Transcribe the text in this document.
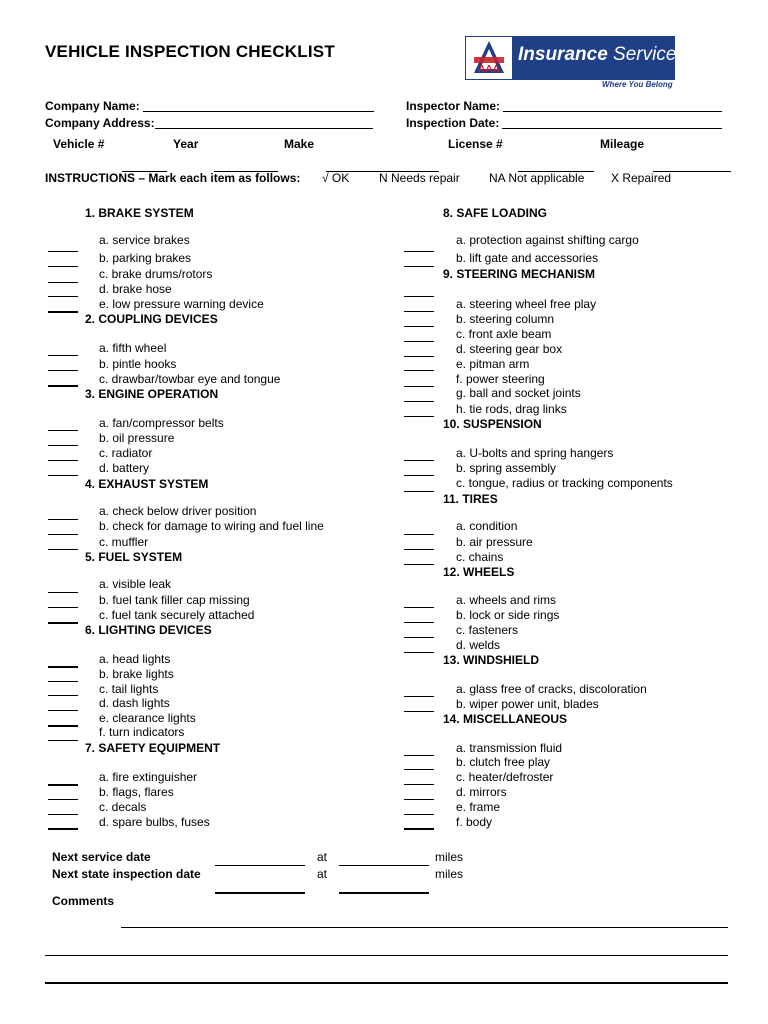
VEHICLE INSPECTION CHECKLIST
AAA
Insurance Services
Where You Belong
Company Name:
Company Address:
Inspector Name:
Inspection Date:
Vehicle #	Year	Make	License #	Mileage
INSTRUCTIONS – Mark each item as follows: √ OK N Needs repair NA Not applicable X Repaired
1. BRAKE SYSTEM
a. service brakes
b. parking brakes
c. brake drums/rotors
d. brake hose
e. low pressure warning device
2. COUPLING DEVICES
a. fifth wheel
b. pintle hooks
c. drawbar/towbar eye and tongue
3. ENGINE OPERATION
a. fan/compressor belts
b. oil pressure
c. radiator
d. battery
4. EXHAUST SYSTEM
a. check below driver position
b. check for damage to wiring and fuel line
c. muffler
5. FUEL SYSTEM
a. visible leak
b. fuel tank filler cap missing
c. fuel tank securely attached
6. LIGHTING DEVICES
a. head lights
b. brake lights
c. tail lights
d. dash lights
e. clearance lights
f. turn indicators
7. SAFETY EQUIPMENT
a. fire extinguisher
b. flags, flares
c. decals
d. spare bulbs, fuses
8. SAFE LOADING
a. protection against shifting cargo
b. lift gate and accessories
9. STEERING MECHANISM
a. steering wheel free play
b. steering column
c. front axle beam
d. steering gear box
e. pitman arm
f. power steering
g. ball and socket joints
h. tie rods, drag links
10. SUSPENSION
a. U-bolts and spring hangers
b. spring assembly
c. tongue, radius or tracking components
11. TIRES
a. condition
b. air pressure
c. chains
12. WHEELS
a. wheels and rims
b. lock or side rings
c. fasteners
d. welds
13. WINDSHIELD
a. glass free of cracks, discoloration
b. wiper power unit, blades
14. MISCELLANEOUS
a. transmission fluid
b. clutch free play
c. heater/defroster
d. mirrors
e. frame
f. body
Next service date	at	miles
Next state inspection date	at	miles
Comments
